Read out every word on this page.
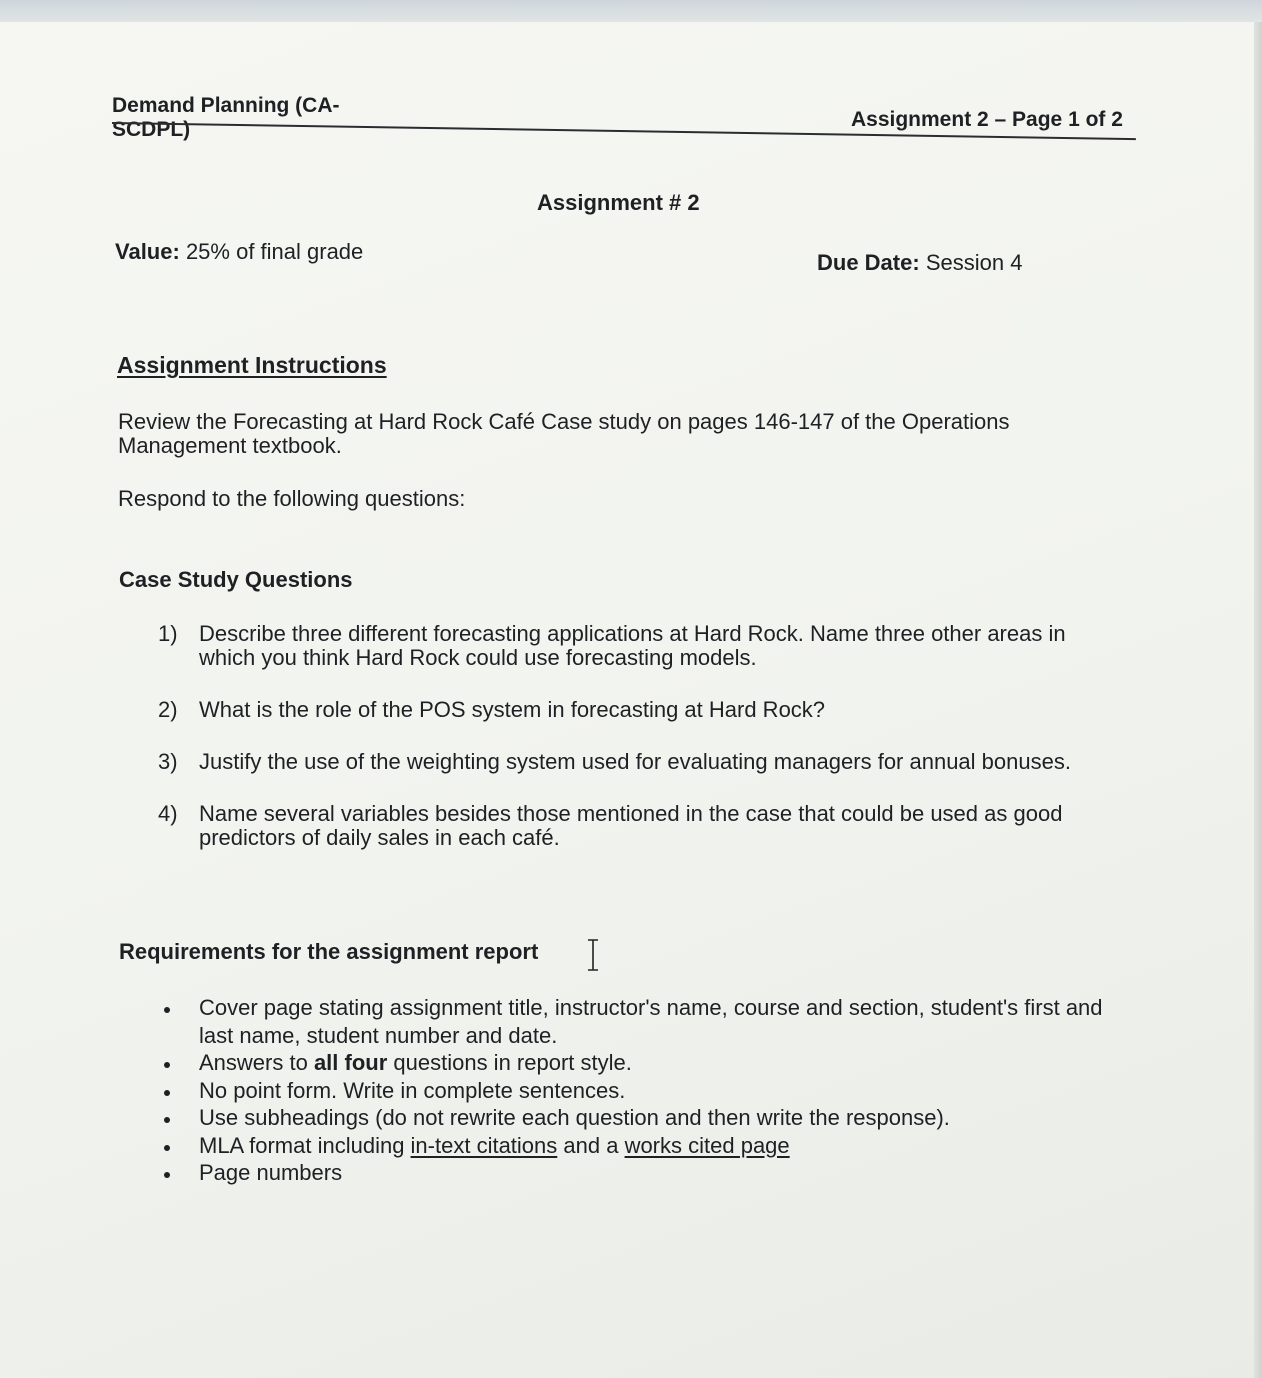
Demand Planning (CA-SCDPL)	Assignment 2 – Page 1 of 2
Assignment # 2
Value: 25% of final grade	Due Date: Session 4
Assignment Instructions
Review the Forecasting at Hard Rock Café Case study on pages 146-147 of the Operations Management textbook.
Respond to the following questions:
Case Study Questions
1) Describe three different forecasting applications at Hard Rock. Name three other areas in which you think Hard Rock could use forecasting models.
2) What is the role of the POS system in forecasting at Hard Rock?
3) Justify the use of the weighting system used for evaluating managers for annual bonuses.
4) Name several variables besides those mentioned in the case that could be used as good predictors of daily sales in each café.
Requirements for the assignment report
Cover page stating assignment title, instructor's name, course and section, student's first and last name, student number and date.
Answers to all four questions in report style.
No point form. Write in complete sentences.
Use subheadings (do not rewrite each question and then write the response).
MLA format including in-text citations and a works cited page
Page numbers
